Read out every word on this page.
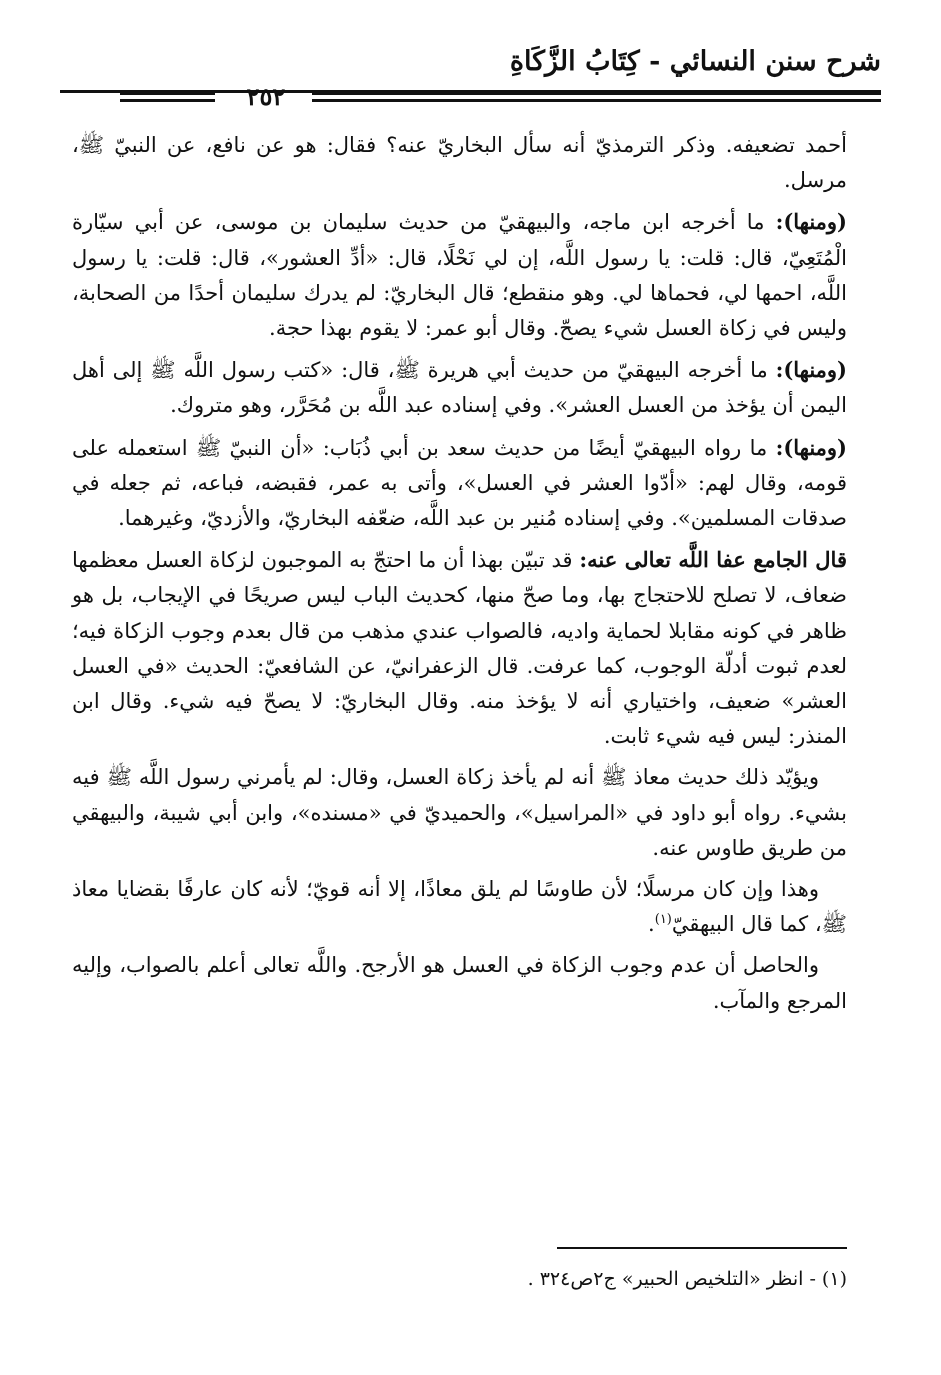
شرح سنن النسائي - كِتَابُ الزَّكَاةِ
٢٥٢

أحمد تضعيفه. وذكر الترمذيّ أنه سأل البخاريّ عنه؟ فقال: هو عن نافع، عن النبيّ ﷺ، مرسل.

(ومنها): ما أخرجه ابن ماجه، والبيهقيّ من حديث سليمان بن موسى، عن أبي سيّارة الْمُتَعِيّ، قال: قلت: يا رسول اللَّه، إن لي نَحْلًا، قال: «أدِّ العشور»، قال: قلت: يا رسول اللَّه، احمها لي، فحماها لي. وهو منقطع؛ قال البخاريّ: لم يدرك سليمان أحدًا من الصحابة، وليس في زكاة العسل شيء يصحّ. وقال أبو عمر: لا يقوم بهذا حجة.

(ومنها): ما أخرجه البيهقيّ من حديث أبي هريرة ﷺ، قال: «كتب رسول اللَّه ﷺ إلى أهل اليمن أن يؤخذ من العسل العشر». وفي إسناده عبد اللَّه بن مُحَرَّر، وهو متروك.

(ومنها): ما رواه البيهقيّ أيضًا من حديث سعد بن أبي ذُبَاب: «أن النبيّ ﷺ استعمله على قومه، وقال لهم: «أدّوا العشر في العسل»، وأتى به عمر، فقبضه، فباعه، ثم جعله في صدقات المسلمين». وفي إسناده مُنير بن عبد اللَّه، ضعّفه البخاريّ، والأزديّ، وغيرهما.

قال الجامع عفا اللَّه تعالى عنه: قد تبيّن بهذا أن ما احتجّ به الموجبون لزكاة العسل معظمها ضعاف، لا تصلح للاحتجاج بها، وما صحّ منها، كحديث الباب ليس صريحًا في الإيجاب، بل هو ظاهر في كونه مقابلا لحماية واديه، فالصواب عندي مذهب من قال بعدم وجوب الزكاة فيه؛ لعدم ثبوت أدلّة الوجوب، كما عرفت. قال الزعفرانيّ، عن الشافعيّ: الحديث «في العسل العشر» ضعيف، واختياري أنه لا يؤخذ منه. وقال البخاريّ: لا يصحّ فيه شيء. وقال ابن المنذر: ليس فيه شيء ثابت.

ويؤيّد ذلك حديث معاذ ﷺ أنه لم يأخذ زكاة العسل، وقال: لم يأمرني رسول اللَّه ﷺ فيه بشيء. رواه أبو داود في «المراسيل»، والحميديّ في «مسنده»، وابن أبي شيبة، والبيهقي من طريق طاوس عنه.

وهذا وإن كان مرسلًا؛ لأن طاوسًا لم يلق معاذًا، إلا أنه قويّ؛ لأنه كان عارفًا بقضايا معاذ ﷺ، كما قال البيهقيّ$^{(١)}$.

والحاصل أن عدم وجوب الزكاة في العسل هو الأرجح. واللَّه تعالى أعلم بالصواب، وإليه المرجع والمآب.

(١) - انظر «التلخيص الحبير» ج٢ص٣٢٤ .
